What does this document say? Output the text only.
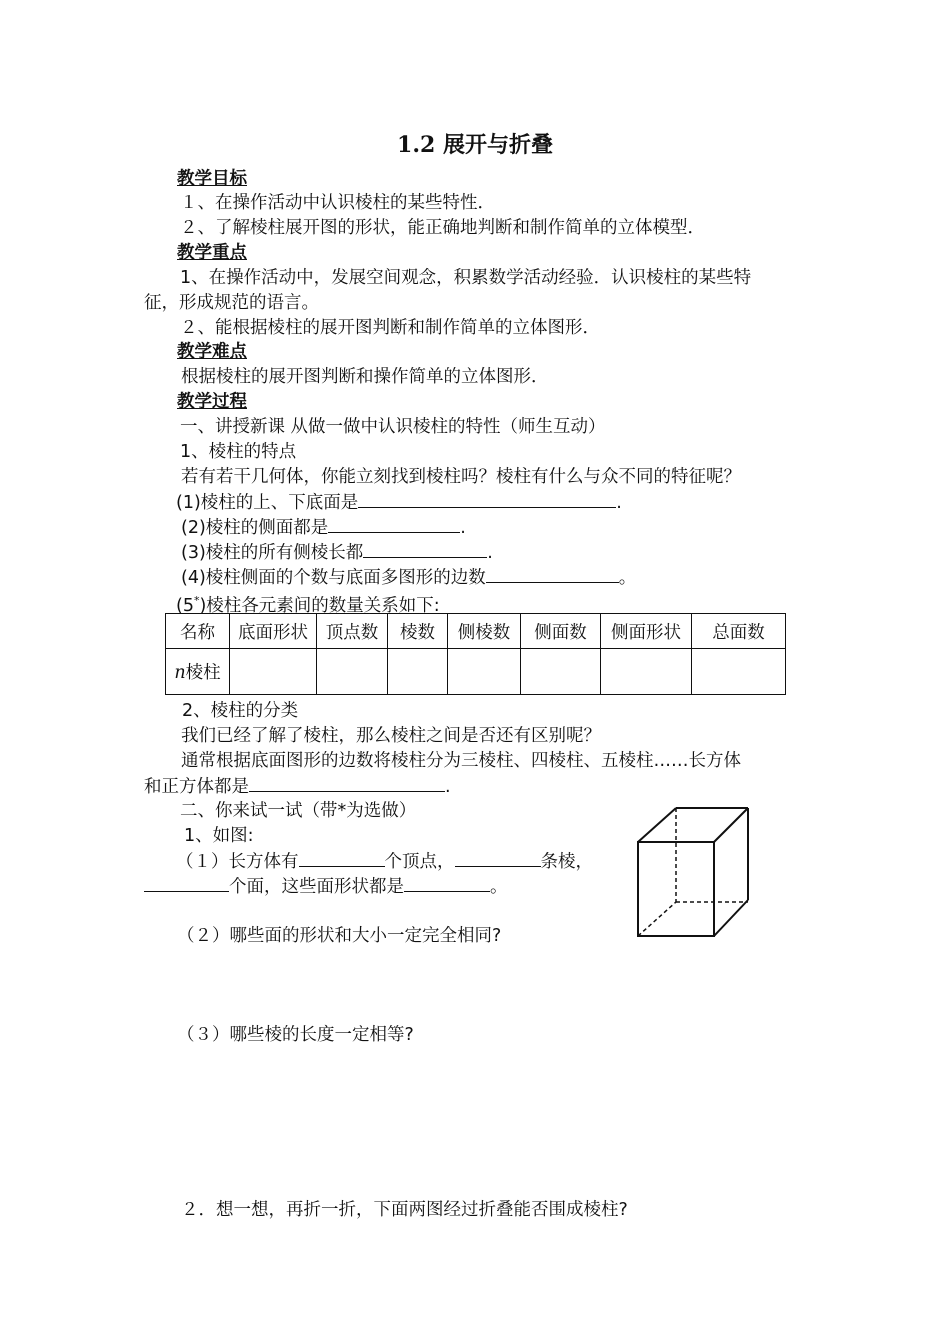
1.2 展开与折叠
教学目标
１、在操作活动中认识棱柱的某些特性．
２、了解棱柱展开图的形状，能正确地判断和制作简单的立体模型．
教学重点
1、在操作活动中，发展空间观念，积累数学活动经验．认识棱柱的某些特
征，形成规范的语言。
２、能根据棱柱的展开图判断和制作简单的立体图形．
教学难点
根据棱柱的展开图判断和操作简单的立体图形．
教学过程
一、讲授新课 从做一做中认识棱柱的特性（师生互动）
1、棱柱的特点
若有若干几何体，你能立刻找到棱柱吗？棱柱有什么与众不同的特征呢？
(1)棱柱的上、下底面是	.
(2)棱柱的侧面都是	.
(3)棱柱的所有侧棱长都	.
(4)棱柱侧面的个数与底面多图形的边数	。
(5*)棱柱各元素间的数量关系如下:
名称	底面形状	顶点数	棱数	侧棱数	侧面数	侧面形状	总面数
n棱柱							
2、棱柱的分类
我们已经了解了棱柱，那么棱柱之间是否还有区别呢？
通常根据底面图形的边数将棱柱分为三棱柱、四棱柱、五棱柱……长方体
和正方体都是	.
二、你来试一试（带*为选做）
1、如图:
（１）长方体有	个顶点，	条棱，
个面，这些面形状都是	。
（２）哪些面的形状和大小一定完全相同?
（３）哪些棱的长度一定相等?
２．想一想，再折一折，下面两图经过折叠能否围成棱柱?
